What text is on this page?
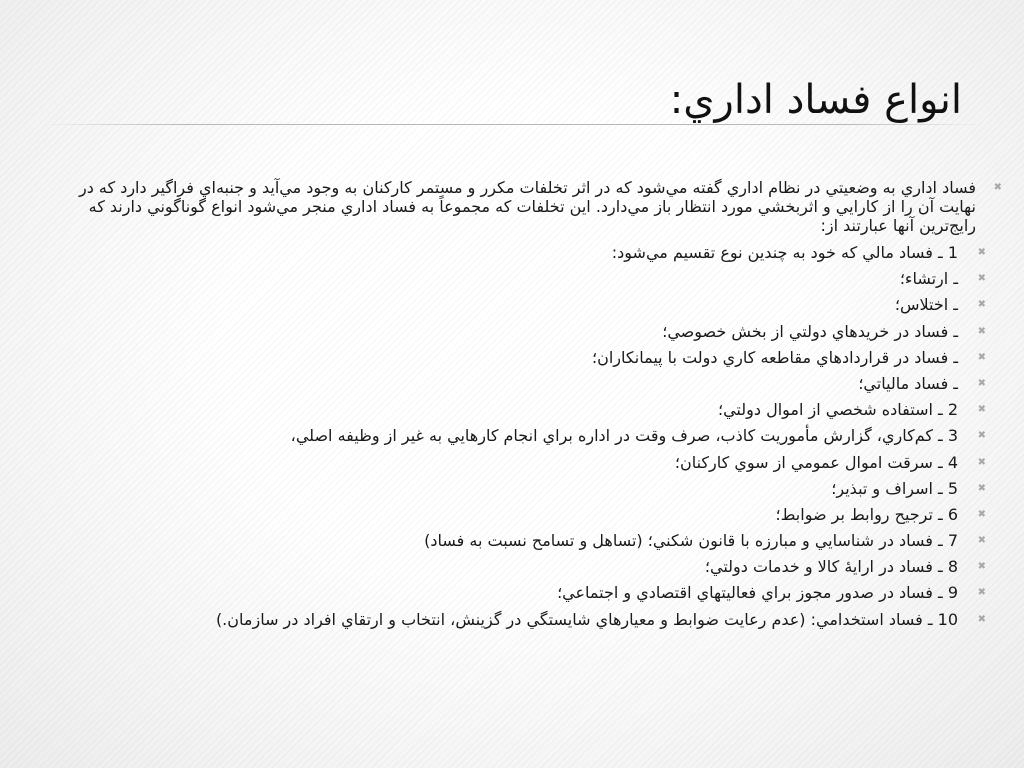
انواع فساد اداري:

✖
فساد اداري به وضعيتي در نظام اداري گفته مي‌شود كه در اثر تخلفات مكرر و مستمر كاركنان به وجود مي‌آيد و جنبه‌اي فراگير دارد كه در نهايت آن را از كارايي و اثربخشي مورد انتظار باز مي‌دارد. اين تخلفات كه مجموعاً به فساد اداري منجر مي‌شود انواع گوناگوني دارند كه رايج‌ترين آنها عبارتند از:

✖
1 ـ فساد مالي كه خود به چندين نوع تقسيم مي‌شود:
✖
ـ ارتشاء؛
✖
ـ اختلاس؛
✖
ـ فساد در خريدهاي دولتي از بخش خصوصي؛
✖
ـ فساد در قراردادهاي مقاطعه كاري دولت با پيمانكاران؛
✖
ـ فساد مالياتي؛
✖
2 ـ استفاده شخصي از اموال دولتي؛
✖
3 ـ كم‌كاري، گزارش مأموريت كاذب، صرف وقت در اداره براي انجام كارهايي به غير از وظيفه اصلي،
✖
4 ـ سرقت اموال عمومي از سوي كاركنان؛
✖
5 ـ اسراف و تبذير؛
✖
6 ـ ترجيح روابط بر ضوابط؛
✖
7 ـ فساد در شناسايي و مبارزه با قانون شكني؛ (تساهل و تسامح نسبت به فساد)
✖
8 ـ فساد در ارايۀ كالا و خدمات دولتي؛
✖
9 ـ فساد در صدور مجوز براي فعاليتهاي اقتصادي و اجتماعي؛
✖
10 ـ فساد استخدامي: (عدم رعايت ضوابط و معيارهاي شايستگي در گزينش، انتخاب و ارتقاي افراد در سازمان.)
